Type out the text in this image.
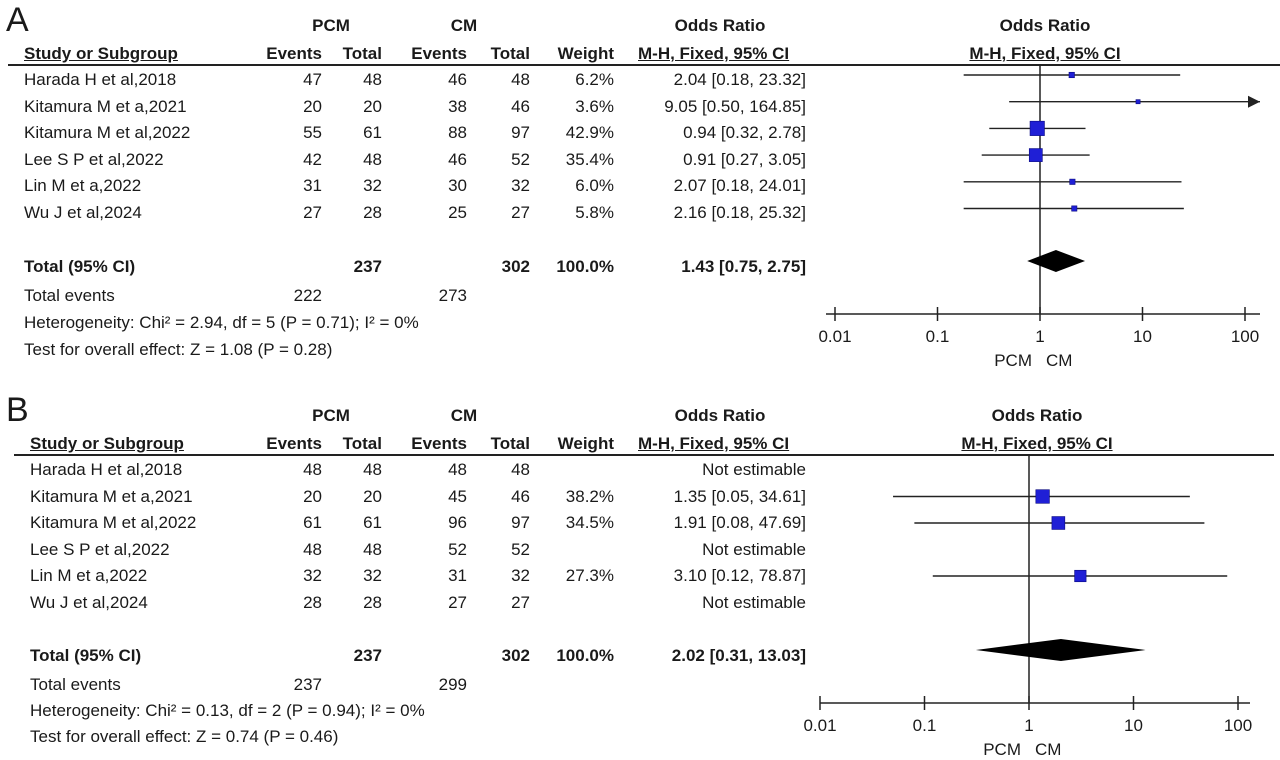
A	PCM	CM	Odds Ratio	Odds Ratio
Study or Subgroup	Events	Total	Events	Total	Weight M-H, Fixed, 95% CI	M-H, Fixed, 95% CI
Harada H et al,2018	47	48	46	48	6.2%	2.04 [0.18, 23.32]
Kitamura M et a,2021	20	20	38	46	3.6%	9.05 [0.50, 164.85]
Kitamura M et al,2022	55	61	88	97	42.9%	0.94 [0.32, 2.78]
Lee S P et al,2022	42	48	46	52	35.4%	0.91 [0.27, 3.05]
Lin M et a,2022	31	32	30	32	6.0%	2.07 [0.18, 24.01]
Wu J et al,2024	27	28	25	27	5.8%	2.16 [0.18, 25.32]
Total (95% CI)	237	302	100.0%	1.43 [0.75, 2.75]
Total events	222	273
Heterogeneity: Chi² = 2.94, df = 5 (P = 0.71); I² = 0%
Test for overall effect: Z = 1.08 (P = 0.28)
0.01	0.1	1	10	100
PCM CM
B	PCM	CM	Odds Ratio	Odds Ratio
Study or Subgroup	Events	Total	Events	Total	Weight M-H, Fixed, 95% CI	M-H, Fixed, 95% CI
Harada H et al,2018	48	48	48	48	Not estimable
Kitamura M et a,2021	20	20	45	46	38.2%	1.35 [0.05, 34.61]
Kitamura M et al,2022	61	61	96	97	34.5%	1.91 [0.08, 47.69]
Lee S P et al,2022	48	48	52	52	Not estimable
Lin M et a,2022	32	32	31	32	27.3%	3.10 [0.12, 78.87]
Wu J et al,2024	28	28	27	27	Not estimable
Total (95% CI)	237	302	100.0%	2.02 [0.31, 13.03]
Total events	237	299
Heterogeneity: Chi² = 0.13, df = 2 (P = 0.94); I² = 0%
Test for overall effect: Z = 0.74 (P = 0.46)
0.01	0.1	1	10	100
PCM CM
